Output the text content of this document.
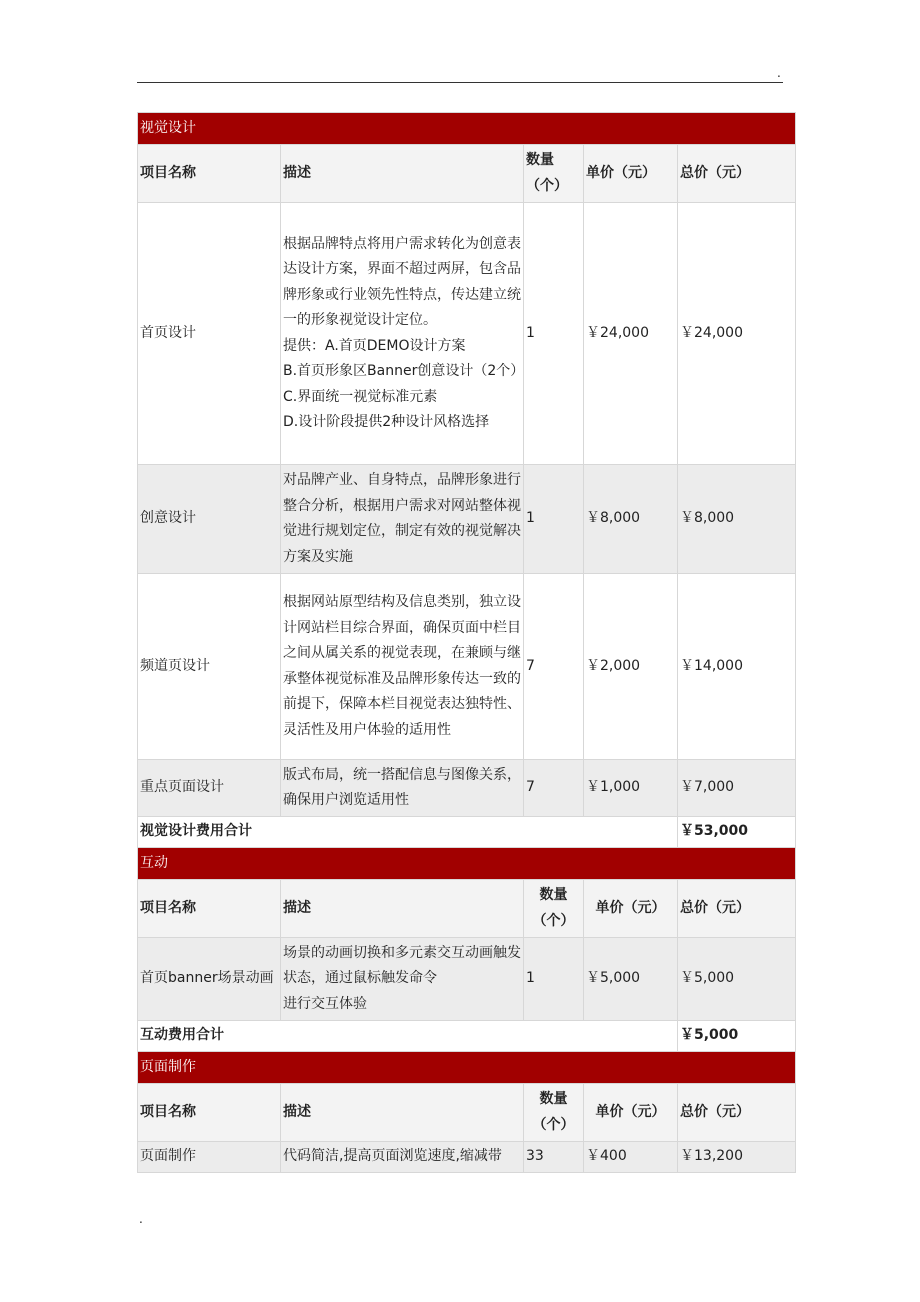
.
视觉设计				
项目名称	描述	数量（个）	单价（元）	总价（元）
首页设计	根据品牌特点将用户需求转化为创意表达设计方案，界面不超过两屏，包含品牌形象或行业领先性特点，传达建立统一的形象视觉设计定位。
提供：A.首页DEMO设计方案
B.首页形象区Banner创意设计（2个）
C.界面统一视觉标准元素
D.设计阶段提供2种设计风格选择	1	￥24,000	￥24,000
创意设计	对品牌产业、自身特点，品牌形象进行整合分析，根据用户需求对网站整体视觉进行规划定位，制定有效的视觉解决方案及实施	1	￥8,000	￥8,000
频道页设计	根据网站原型结构及信息类别，独立设计网站栏目综合界面，确保页面中栏目之间从属关系的视觉表现，在兼顾与继承整体视觉标准及品牌形象传达一致的前提下，保障本栏目视觉表达独特性、灵活性及用户体验的适用性	7	￥2,000	￥14,000
重点页面设计	版式布局，统一搭配信息与图像关系，确保用户浏览适用性	7	￥1,000	￥7,000
视觉设计费用合计				￥53,000
互动				
项目名称	描述	数量（个）	单价（元）	总价（元）
首页banner场景动画	场景的动画切换和多元素交互动画触发状态，通过鼠标触发命令
进行交互体验	1	￥5,000	￥5,000
互动费用合计				￥5,000
页面制作				
项目名称	描述	数量（个）	单价（元）	总价（元）
页面制作	代码简洁,提高页面浏览速度,缩减带	33	￥400	￥13,200
.
